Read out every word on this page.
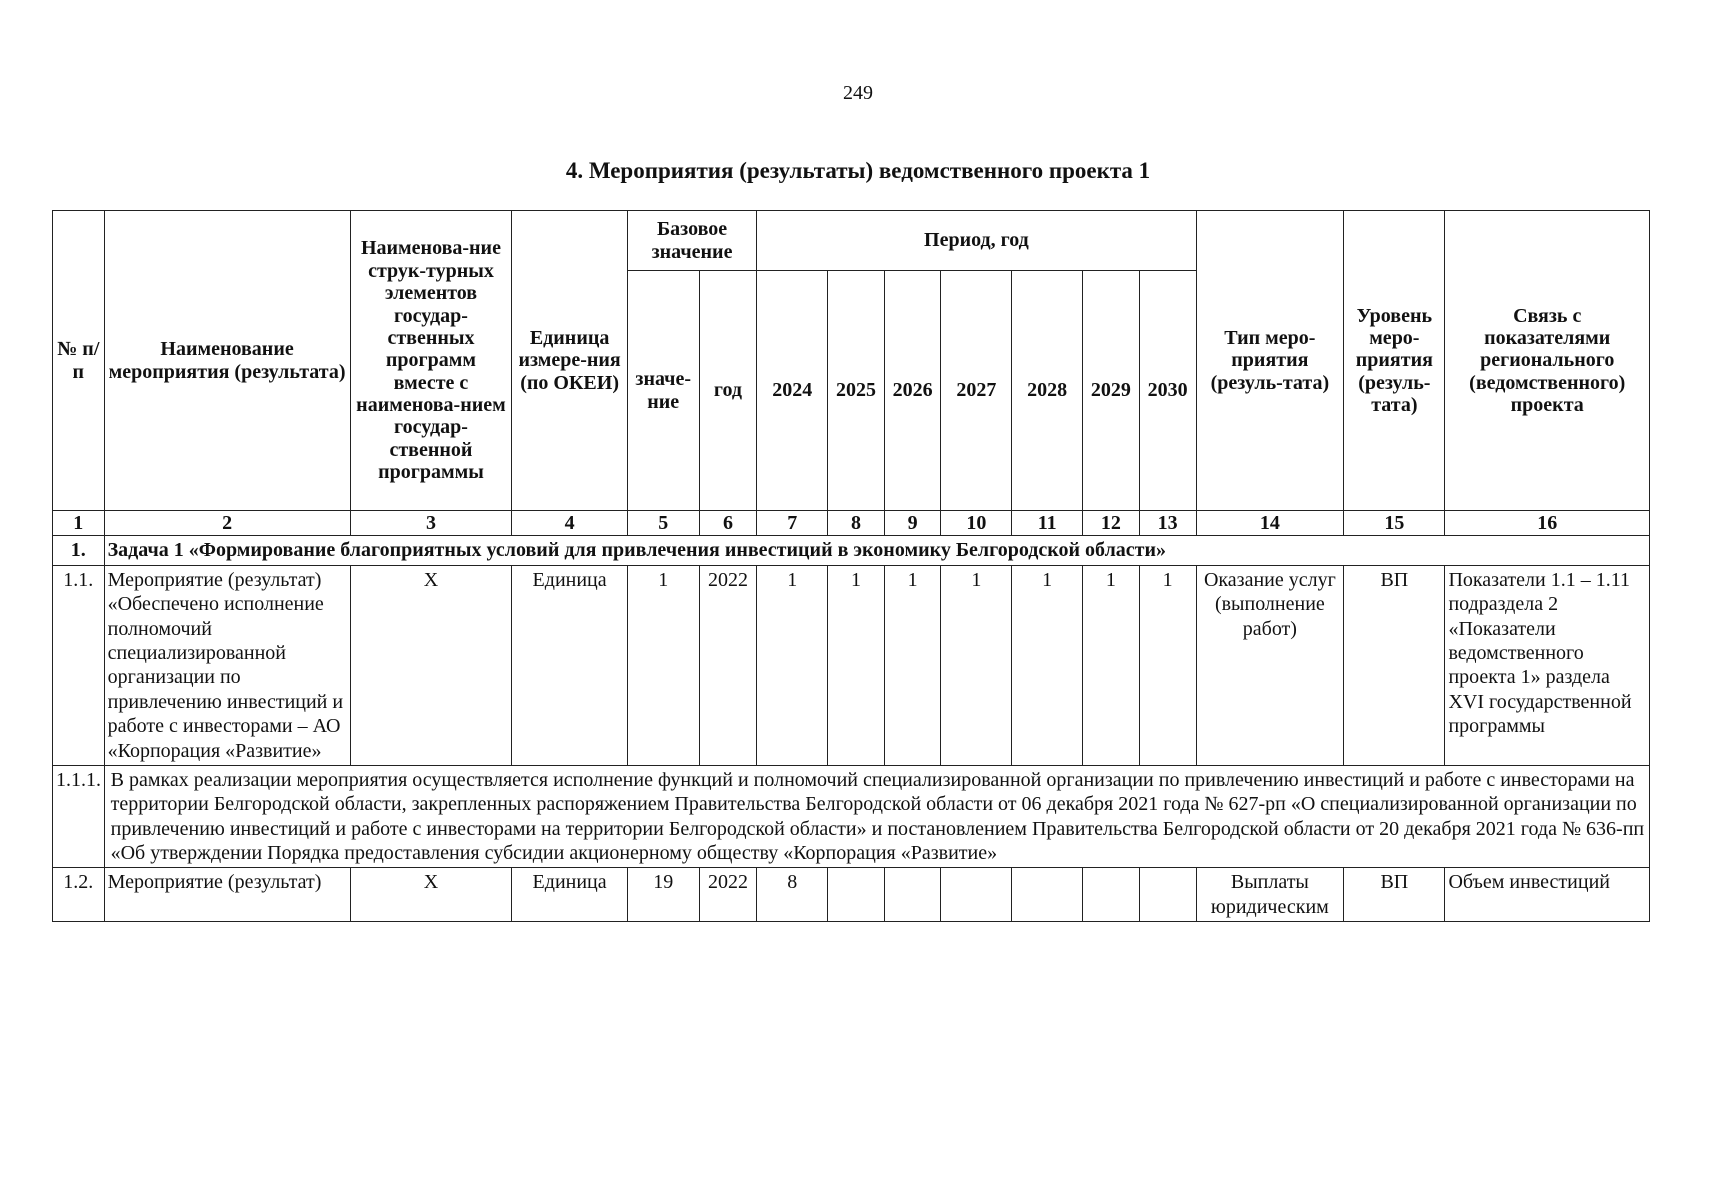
249
4. Мероприятия (результаты) ведомственного проекта 1
№ п/п	Наименование мероприятия (результата)	Наименова-ние струк-турных элементов государ-ственных программ вместе с наименова-нием государ-ственной программы	Единица измере-ния (по ОКЕИ)	Базовое значение		Период, год							Тип меро-приятия (резуль-тата)	Уровень меро-приятия (резуль-тата)	Связь с показателями регионального (ведомственного) проекта
				значе-ние	год	2024	2025	2026	2027	2028	2029	2030			
1	2	3	4	5	6	7	8	9	10	11	12	13	14	15	16
1.	Задача 1 «Формирование благоприятных условий для привлечения инвестиций в экономику Белгородской области»														
1.1.	Мероприятие (результат) «Обеспечено исполнение полномочий специализированной организации по привлечению инвестиций и работе с инвесторами – АО «Корпорация «Развитие»	X	Единица	1	2022	1	1	1	1	1	1	1	Оказание услуг (выполнение работ)	ВП	Показатели 1.1 – 1.11 подраздела 2 «Показатели ведомственного проекта 1» раздела XVI государственной программы
1.1.1.	В рамках реализации мероприятия осуществляется исполнение функций и полномочий специализированной организации по привлечению инвестиций и работе с инвесторами на территории Белгородской области, закрепленных распоряжением Правительства Белгородской области от 06 декабря 2021 года № 627-рп «О специализированной организации по привлечению инвестиций и работе с инвесторами на территории Белгородской области» и постановлением Правительства Белгородской области от 20 декабря 2021 года № 636-пп «Об утверждении Порядка предоставления субсидии акционерному обществу «Корпорация «Развитие»														
1.2.	Мероприятие (результат)	X	Единица	19	2022	8							Выплаты юридическим	ВП	Объем инвестиций
